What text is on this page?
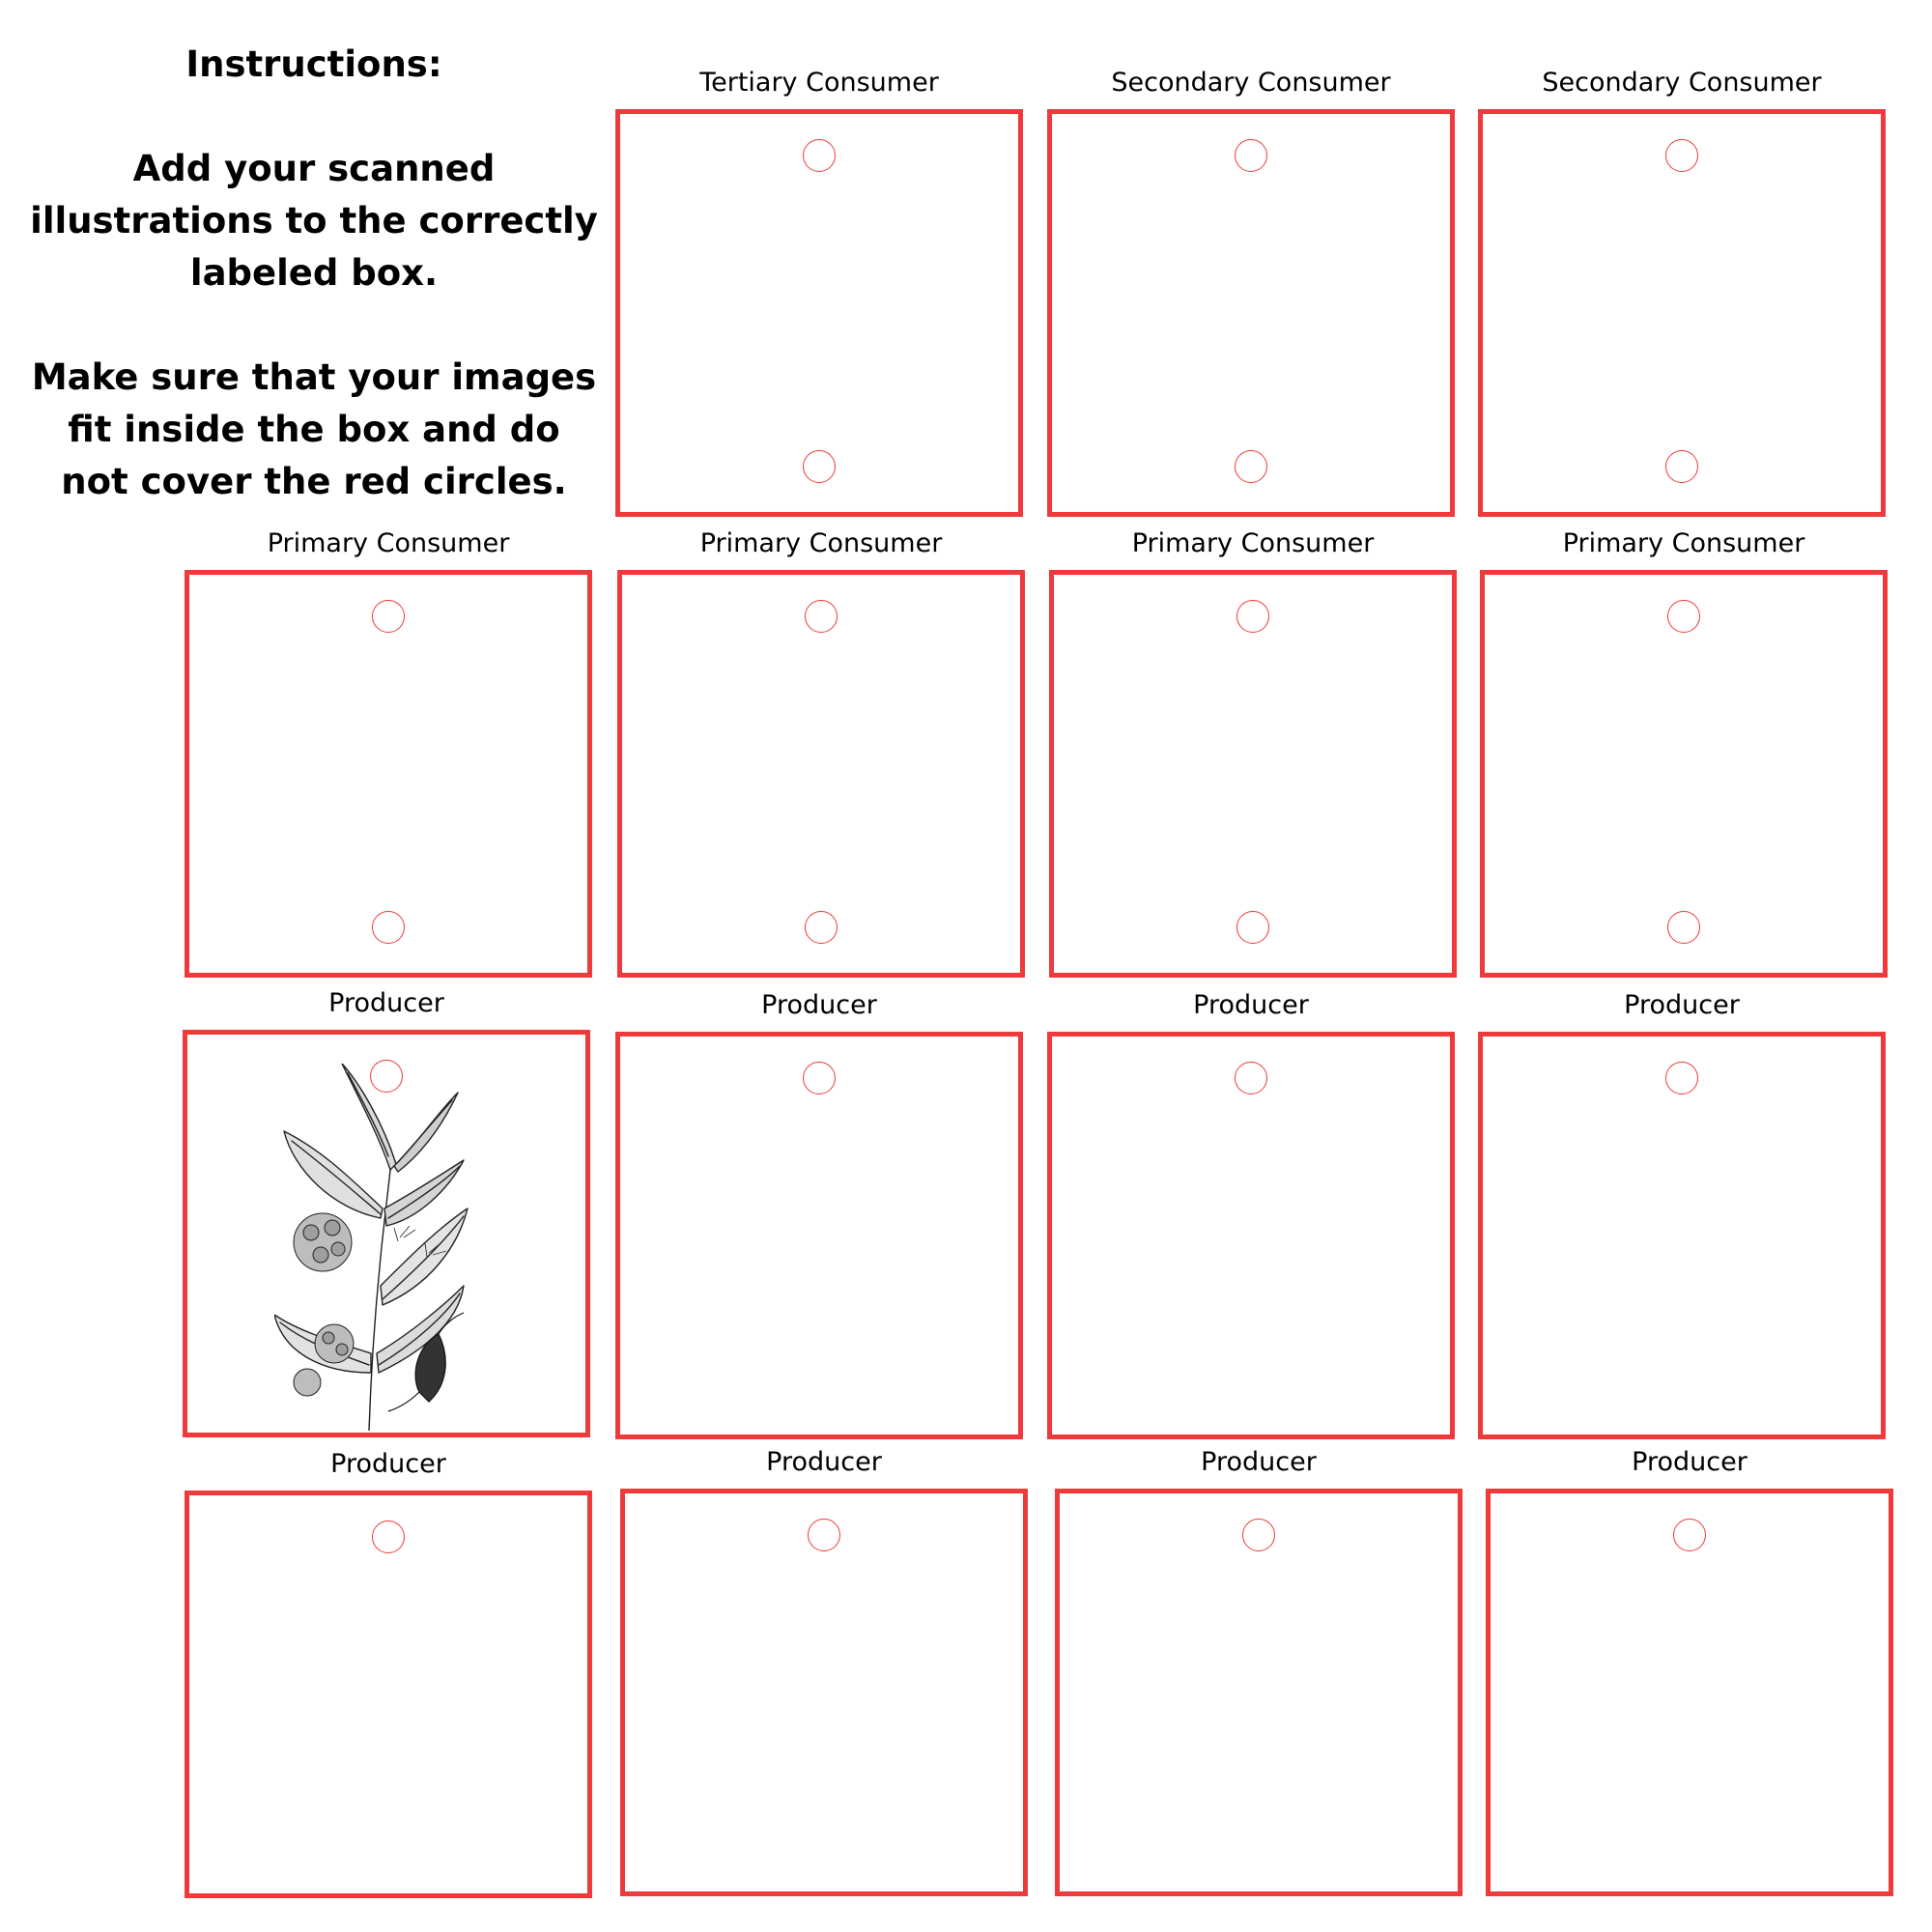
Instructions:
Add your scanned illustrations to the correctly labeled box.
Make sure that your images fit inside the box and do not cover the red circles.
Tertiary Consumer	Secondary Consumer	Secondary Consumer
Primary Consumer	Primary Consumer	Primary Consumer	Primary Consumer
Producer	Producer	Producer	Producer
Producer	Producer	Producer	Producer
